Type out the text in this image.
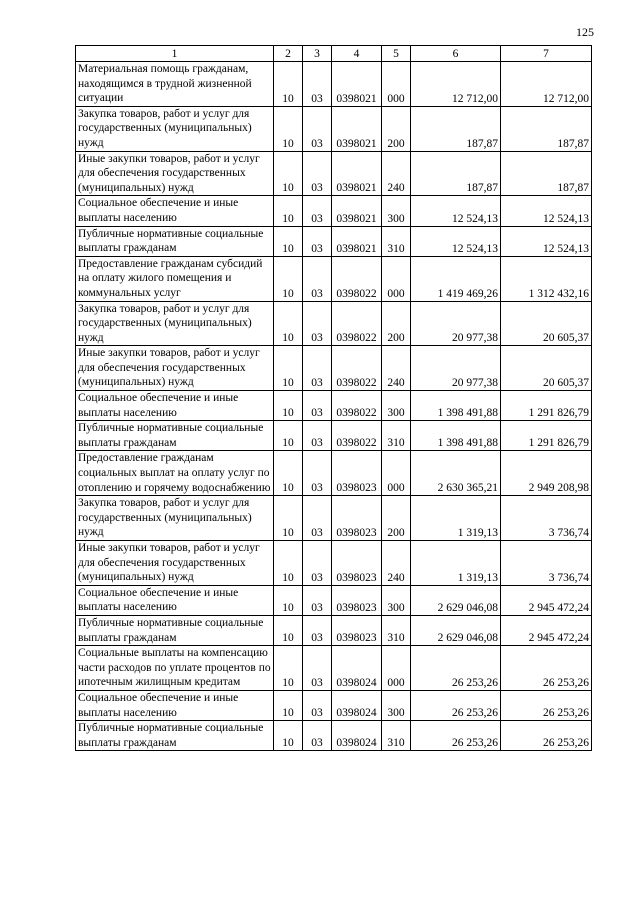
125
1	2	3	4	5	6	7
Материальная помощь гражданам, находящимся в трудной жизненной ситуации	10	03	0398021	000	12 712,00	12 712,00
Закупка товаров, работ и услуг для государственных (муниципальных) нужд	10	03	0398021	200	187,87	187,87
Иные закупки товаров, работ и услуг для обеспечения государственных (муниципальных) нужд	10	03	0398021	240	187,87	187,87
Социальное обеспечение и иные выплаты населению	10	03	0398021	300	12 524,13	12 524,13
Публичные нормативные социальные выплаты гражданам	10	03	0398021	310	12 524,13	12 524,13
Предоставление гражданам субсидий на оплату жилого помещения и коммунальных услуг	10	03	0398022	000	1 419 469,26	1 312 432,16
Закупка товаров, работ и услуг для государственных (муниципальных) нужд	10	03	0398022	200	20 977,38	20 605,37
Иные закупки товаров, работ и услуг для обеспечения государственных (муниципальных) нужд	10	03	0398022	240	20 977,38	20 605,37
Социальное обеспечение и иные выплаты населению	10	03	0398022	300	1 398 491,88	1 291 826,79
Публичные нормативные социальные выплаты гражданам	10	03	0398022	310	1 398 491,88	1 291 826,79
Предоставление гражданам социальных выплат на оплату услуг по отоплению и горячему водоснабжению	10	03	0398023	000	2 630 365,21	2 949 208,98
Закупка товаров, работ и услуг для государственных (муниципальных) нужд	10	03	0398023	200	1 319,13	3 736,74
Иные закупки товаров, работ и услуг для обеспечения государственных (муниципальных) нужд	10	03	0398023	240	1 319,13	3 736,74
Социальное обеспечение и иные выплаты населению	10	03	0398023	300	2 629 046,08	2 945 472,24
Публичные нормативные социальные выплаты гражданам	10	03	0398023	310	2 629 046,08	2 945 472,24
Социальные выплаты на компенсацию части расходов по уплате процентов по ипотечным жилищным кредитам	10	03	0398024	000	26 253,26	26 253,26
Социальное обеспечение и иные выплаты населению	10	03	0398024	300	26 253,26	26 253,26
Публичные нормативные социальные выплаты гражданам	10	03	0398024	310	26 253,26	26 253,26
